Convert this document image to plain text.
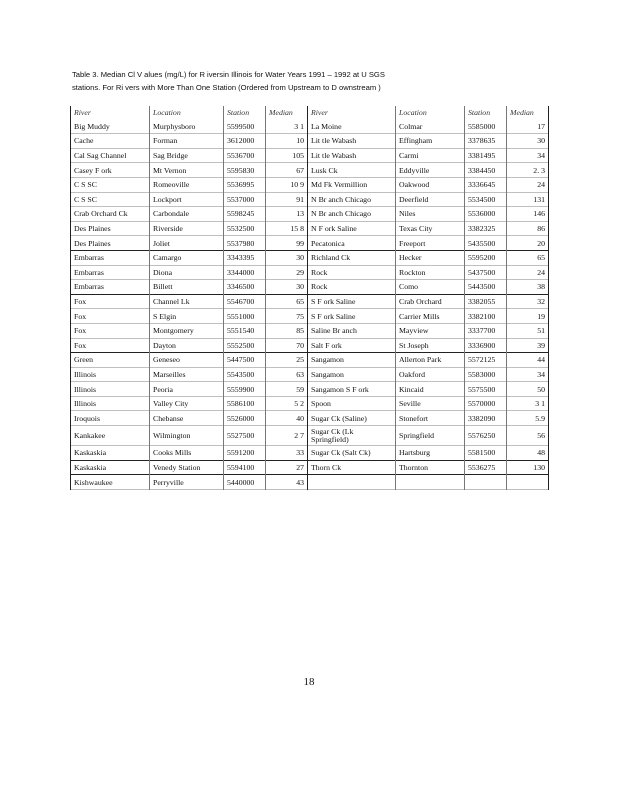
Table 3. Median Cl V alues (mg/L) for R iversin Illinois for Water Years 1991 – 1992 at U SGS
stations. For Ri vers with More Than One Station (Ordered from Upstream to D ownstream )
River	Location	Station	Median	River	Location	Station	Median
Big Muddy	Murphysboro	5599500	3 1	La Moine	Colmar	5585000	17
Cache	Forman	3612000	10	Lit tle Wabash	Effingham	3378635	30
Cal Sag Channel	Sag Bridge	5536700	105	Lit tle Wabash	Carmi	3381495	34
Casey F ork	Mt Vernon	5595830	67	Lusk Ck	Eddyville	3384450	2. 3
C S SC	Romeoville	5536995	10 9	Md Fk Vermillion	Oakwood	3336645	24
C S SC	Lockport	5537000	91	N Br anch Chicago	Deerfield	5534500	131
Crab Orchard Ck	Carbondale	5598245	13	N Br anch Chicago	Niles	5536000	146
Des Plaines	Riverside	5532500	15 8	N F ork Saline	Texas City	3382325	86
Des Plaines	Joliet	5537980	99	Pecatonica	Freeport	5435500	20
Embarras	Camargo	3343395	30	Richland Ck	Hecker	5595200	65
Embarras	Diona	3344000	29	Rock	Rockton	5437500	24
Embarras	Billett	3346500	30	Rock	Como	5443500	38
Fox	Channel Lk	5546700	65	S F ork Saline	Crab Orchard	3382055	32
Fox	S Elgin	5551000	75	S F ork Saline	Carrier Mills	3382100	19
Fox	Montgomery	5551540	85	Saline Br anch	Mayview	3337700	51
Fox	Dayton	5552500	70	Salt F ork	St Joseph	3336900	39
Green	Geneseo	5447500	25	Sangamon	Allerton Park	5572125	44
Illinois	Marseilles	5543500	63	Sangamon	Oakford	5583000	34
Illinois	Peoria	5559900	59	Sangamon S F ork	Kincaid	5575500	50
Illinois	Valley City	5586100	5 2	Spoon	Seville	5570000	3 1
Iroquois	Chebanse	5526000	40	Sugar Ck (Saline)	Stonefort	3382090	5.9
Kankakee	Wilmington	5527500	2 7	Sugar Ck (Lk Springfield)	Springfield	5576250	56
Kaskaskia	Cooks Mills	5591200	33	Sugar Ck (Salt Ck)	Hartsburg	5581500	48
Kaskaskia	Venedy Station	5594100	27	Thorn Ck	Thornton	5536275	130
Kishwaukee	Perryville	5440000	43				
18
